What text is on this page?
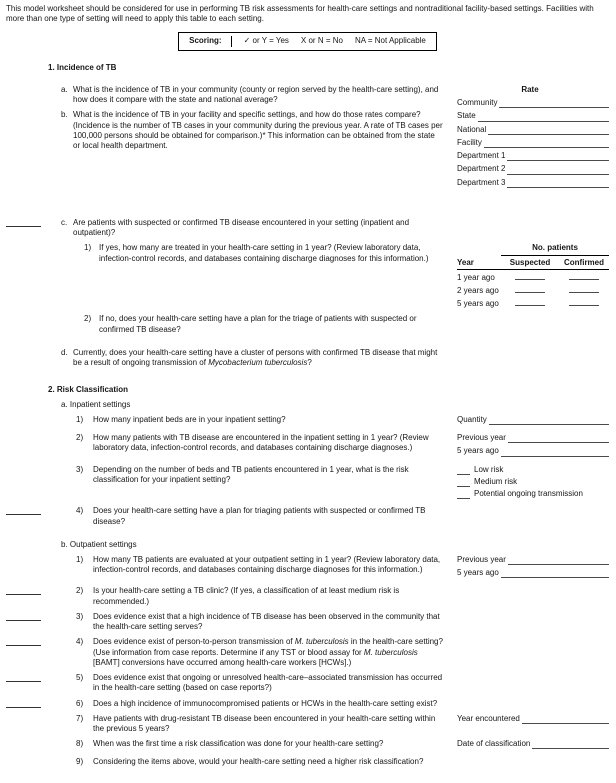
This model worksheet should be considered for use in performing TB risk assessments for health-care settings and nontraditional facility-based settings. Facilities with more than one type of setting will need to apply this table to each setting.

Scoring:	✓ or Y = Yes X or N = No NA = Not Applicable
1. Incidence of TB
a. What is the incidence of TB in your community (county or region served by the health-care setting), and how does it compare with the state and national average?
b. What is the incidence of TB in your facility and specific settings, and how do those rates compare? (Incidence is the number of TB cases in your community during the previous year. A rate of TB cases per 100,000 persons should be obtained for comparison.)* This information can be obtained from the state or local health department.
Rate
Community
State
National
Facility
Department 1
Department 2
Department 3
c. Are patients with suspected or confirmed TB disease encountered in your setting (inpatient and outpatient)?
1) If yes, how many are treated in your health-care setting in 1 year? (Review laboratory data, infection-control records, and databases containing discharge diagnoses for this information.)
No. patients
Year	Suspected	Confirmed
1 year ago
2 years ago
5 years ago
2) If no, does your health-care setting have a plan for the triage of patients with suspected or confirmed TB disease?
d. Currently, does your health-care setting have a cluster of persons with confirmed TB disease that might be a result of ongoing transmission of Mycobacterium tuberculosis?
2. Risk Classification
a. Inpatient settings
1)	How many inpatient beds are in your inpatient setting?	Quantity
2)	How many patients with TB disease are encountered in the inpatient setting in 1 year? (Review laboratory data, infection-control records, and databases containing discharge diagnoses.)
Previous year
5 years ago
3)	Depending on the number of beds and TB patients encountered in 1 year, what is the risk classification for your inpatient setting?
Low risk
Medium risk
Potential ongoing transmission
4)	Does your health-care setting have a plan for triaging patients with suspected or confirmed TB disease?
b. Outpatient settings
1)	How many TB patients are evaluated at your outpatient setting in 1 year? (Review laboratory data, infection-control records, and databases containing discharge diagnoses for this information.)
Previous year
5 years ago
2)	Is your health-care setting a TB clinic? (If yes, a classification of at least medium risk is recommended.)
3)	Does evidence exist that a high incidence of TB disease has been observed in the community that the health-care setting serves?
4)	Does evidence exist of person-to-person transmission of M. tuberculosis in the health-care setting? (Use information from case reports. Determine if any TST or blood assay for M. tuberculosis [BAMT] conversions have occurred among health-care workers [HCWs].)
5)	Does evidence exist that ongoing or unresolved health-care–associated transmission has occurred in the health-care setting (based on case reports?)
6)	Does a high incidence of immunocompromised patients or HCWs in the health-care setting exist?
7)	Have patients with drug-resistant TB disease been encountered in your health-care setting within the previous 5 years?
Year encountered
8)	When was the first time a risk classification was done for your health-care setting?	Date of classification
9)	Considering the items above, would your health-care setting need a higher risk classification?
